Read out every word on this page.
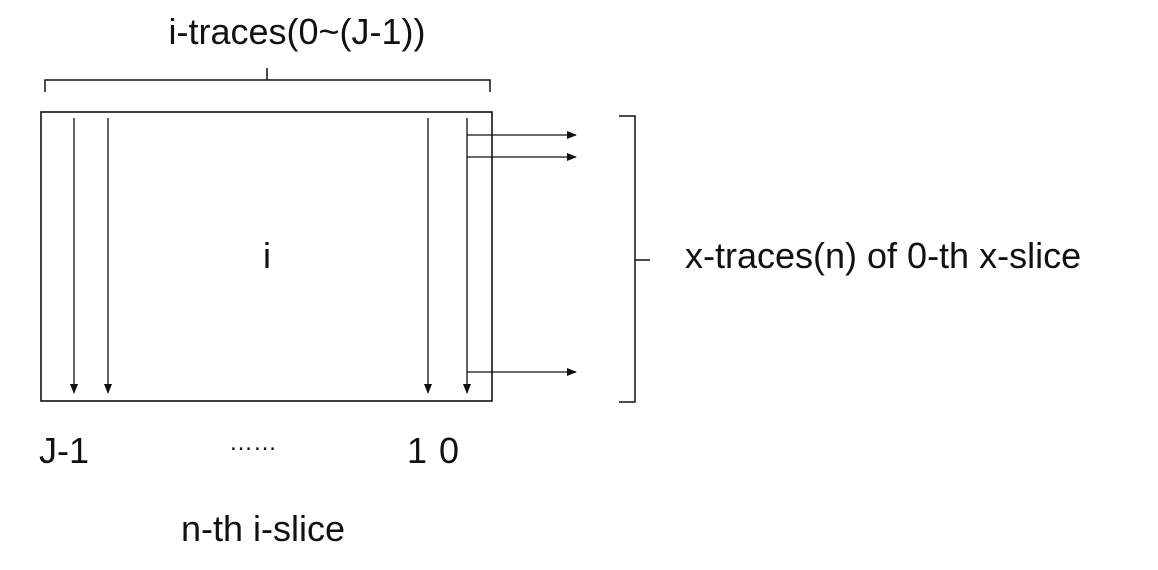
i-traces(0~(J-1))
i	x-traces(n) of 0-th x-slice
J-1	……	1 0
n-th i-slice
